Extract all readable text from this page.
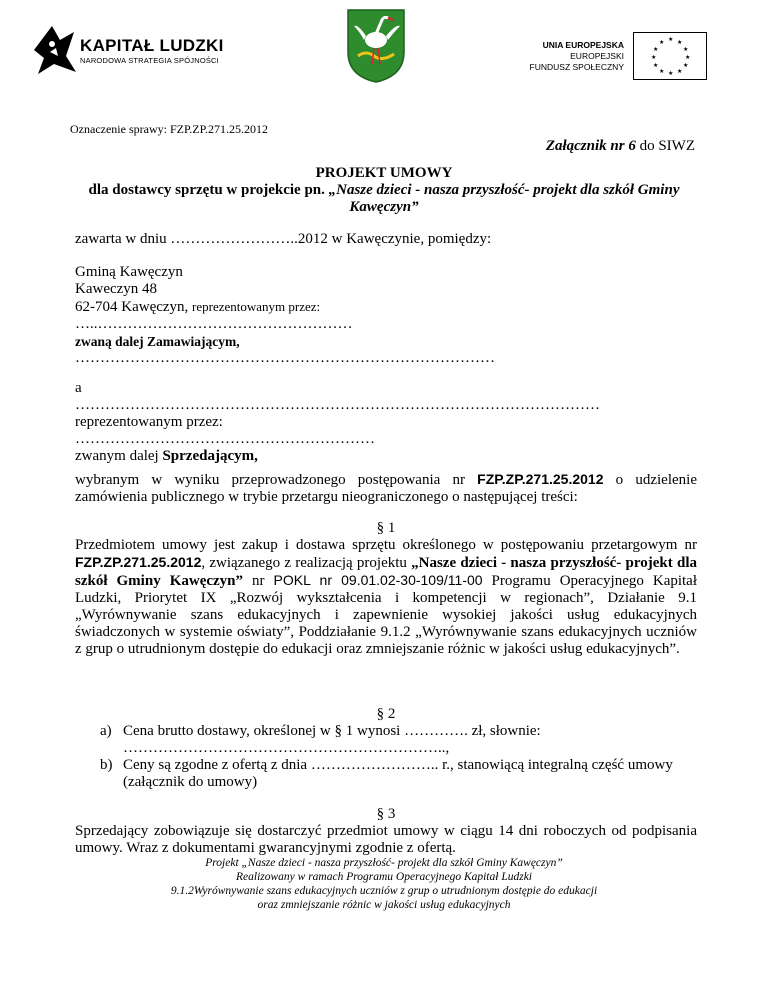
KAPITAŁ LUDZKI
NARODOWA STRATEGIA SPÓJNOŚCI
UNIA EUROPEJSKA
EUROPEJSKI
FUNDUSZ SPOŁECZNY
★ ★
★
★
★
★
★
★
★
★
★
★
Oznaczenie sprawy: FZP.ZP.271.25.2012
Załącznik nr 6 do SIWZ
PROJEKT UMOWY
dla dostawcy sprzętu w projekcie pn. „Nasze dzieci - nasza przyszłość- projekt dla szkół Gminy
Kawęczyn”
zawarta w dniu ……………………..2012 w Kawęczynie, pomiędzy:
Gminą Kawęczyn
Kaweczyn 48
62-704 Kawęczyn, reprezentowanym przez:
…..……………………………………………
zwaną dalej Zamawiającym,
…………………………………………………………………………
a
……………………………………………………………………………………………
reprezentowanym przez:
……………………………………………………
zwanym dalej Sprzedającym,
wybranym w wyniku przeprowadzonego postępowania nr FZP.ZP.271.25.2012 o udzielenie zamówienia publicznego w trybie przetargu nieograniczonego o następującej treści:
§ 1
Przedmiotem umowy jest zakup i dostawa sprzętu określonego w postępowaniu przetargowym nr FZP.ZP.271.25.2012, związanego z realizacją projektu „Nasze dzieci - nasza przyszłość- projekt dla szkół Gminy Kawęczyn” nr POKL nr 09.01.02-30-109/11-00 Programu Operacyjnego Kapitał Ludzki, Priorytet IX „Rozwój wykształcenia i kompetencji w regionach”, Działanie 9.1 „Wyrównywanie szans edukacyjnych i zapewnienie wysokiej jakości usług edukacyjnych świadczonych w systemie oświaty”, Poddziałanie 9.1.2 „Wyrównywanie szans edukacyjnych uczniów z grup o utrudnionym dostępie do edukacji oraz zmniejszanie różnic w jakości usług edukacyjnych”.
§ 2
a) Cena brutto dostawy, określonej w § 1 wynosi …………. zł, słownie:
………………………………………………………..,
b) Ceny są zgodne z ofertą z dnia …………………….. r., stanowiącą integralną część umowy
(załącznik do umowy)
§ 3
Sprzedający zobowiązuje się dostarczyć przedmiot umowy w ciągu 14 dni roboczych od podpisania umowy. Wraz z dokumentami gwarancyjnymi zgodnie z ofertą.
Projekt „Nasze dzieci - nasza przyszłość- projekt dla szkół Gminy Kawęczyn”
Realizowany w ramach Programu Operacyjnego Kapitał Ludzki
9.1.2Wyrównywanie szans edukacyjnych uczniów z grup o utrudnionym dostępie do edukacji
oraz zmniejszanie różnic w jakości usług edukacyjnych
